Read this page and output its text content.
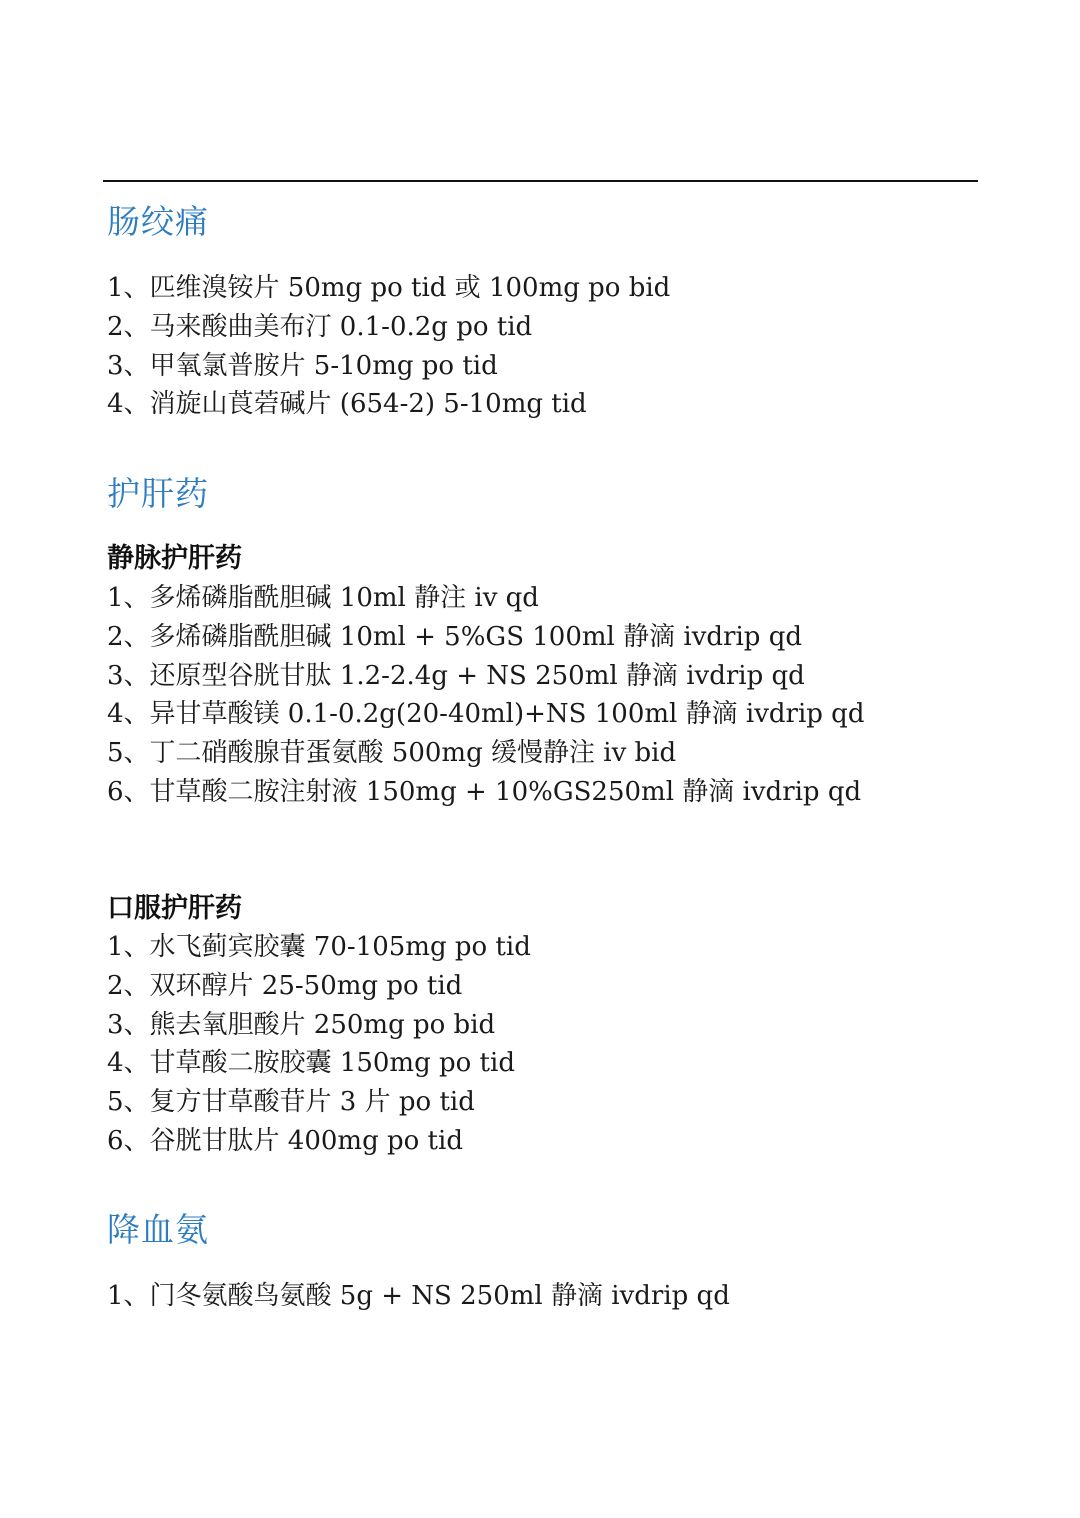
肠绞痛
1、匹维溴铵片 50mg po tid 或 100mg po bid
2、马来酸曲美布汀 0.1-0.2g po tid
3、甲氧氯普胺片 5-10mg po tid
4、消旋山莨菪碱片 (654-2) 5-10mg tid
护肝药
静脉护肝药
1、多烯磷脂酰胆碱 10ml 静注 iv qd
2、多烯磷脂酰胆碱 10ml + 5%GS 100ml 静滴 ivdrip qd
3、还原型谷胱甘肽 1.2-2.4g + NS 250ml 静滴 ivdrip qd
4、异甘草酸镁 0.1-0.2g(20-40ml)+NS 100ml 静滴 ivdrip qd
5、丁二硝酸腺苷蛋氨酸 500mg 缓慢静注 iv bid
6、甘草酸二胺注射液 150mg + 10%GS250ml 静滴 ivdrip qd
口服护肝药
1、水飞蓟宾胶囊 70-105mg po tid
2、双环醇片 25-50mg po tid
3、熊去氧胆酸片 250mg po bid
4、甘草酸二胺胶囊 150mg po tid
5、复方甘草酸苷片 3 片 po tid
6、谷胱甘肽片 400mg po tid
降血氨
1、门冬氨酸鸟氨酸 5g + NS 250ml 静滴 ivdrip qd
